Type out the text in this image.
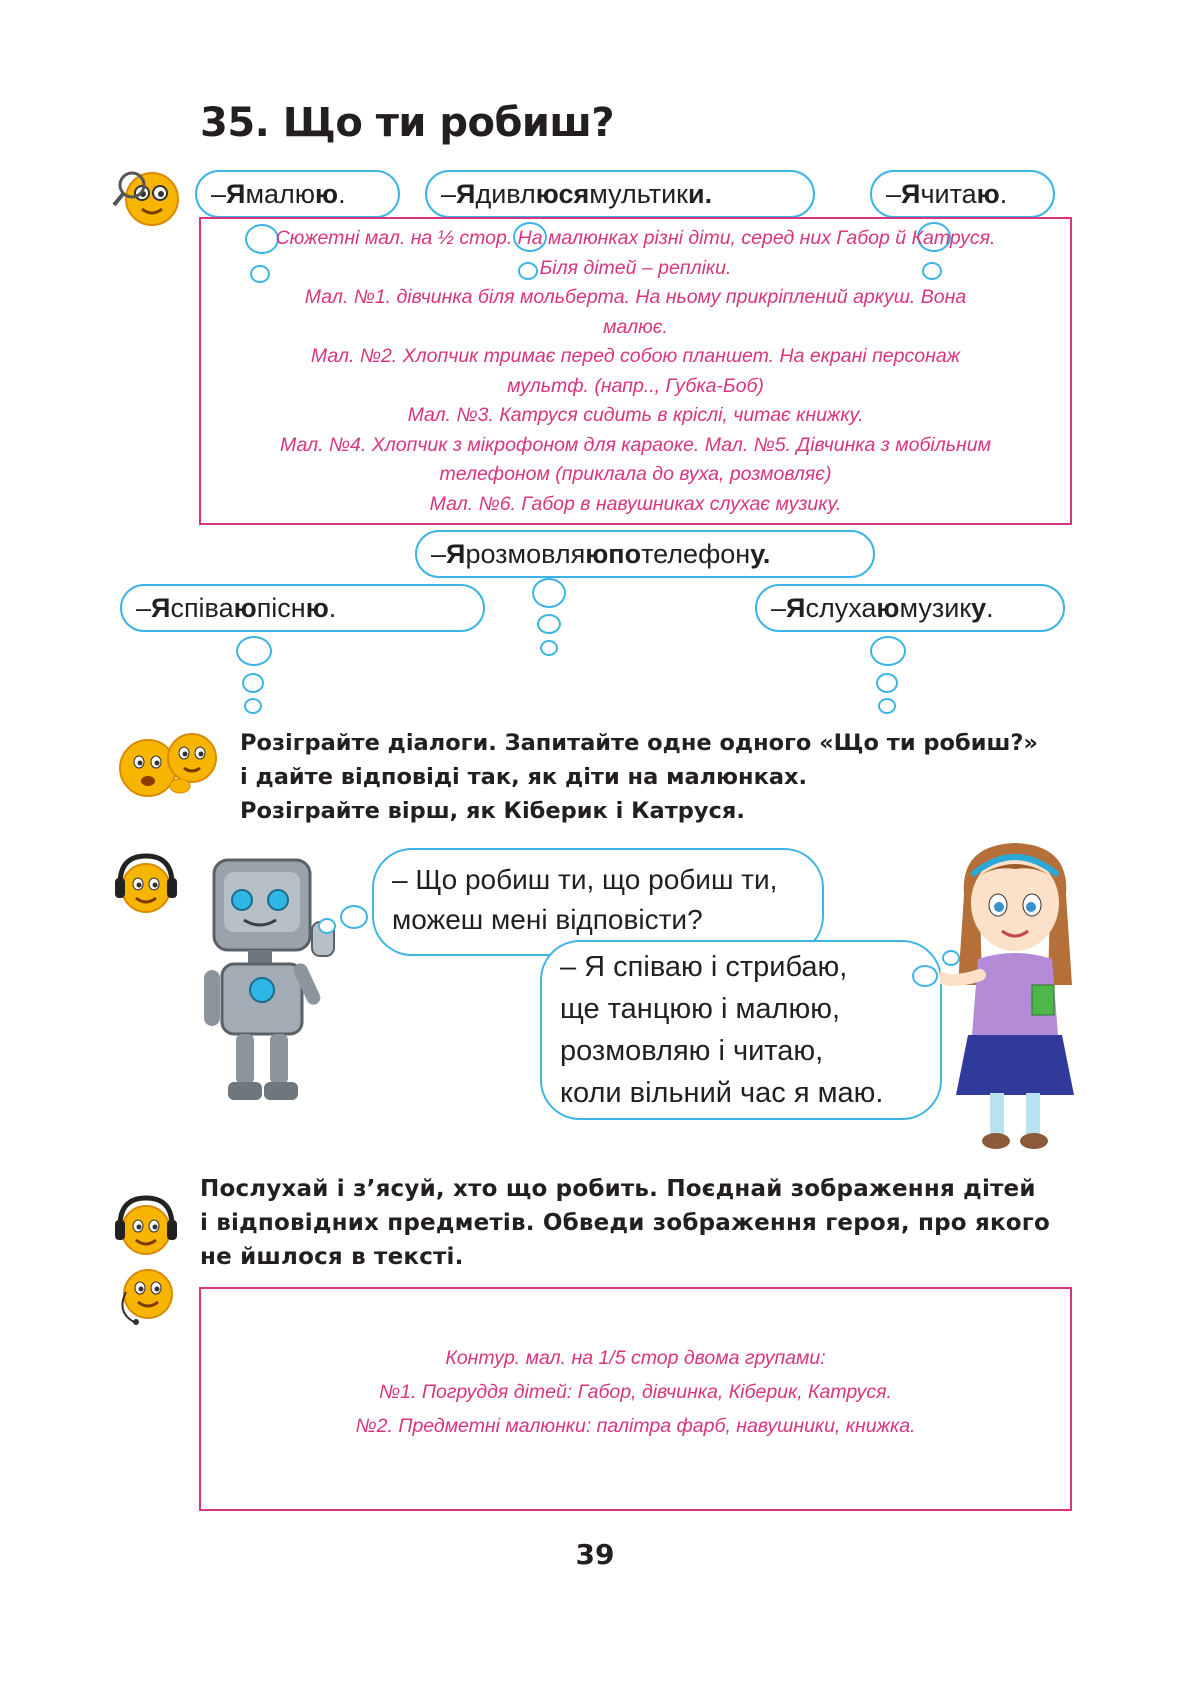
35. Що ти робиш?
– Я малю ю .	– Я дивл юся мультик и.	– Я чита ю .
Сюжетні мал. на ½ стор. На малюнках різні діти, серед них Габор й Катруся.
Біля дітей – репліки.
Мал. №1. дівчинка біля мольберта. На ньому прикріплений аркуш. Вона
малює.
Мал. №2. Хлопчик тримає перед собою планшет. На екрані персонаж
мультф. (напр.., Губка-Боб)
Мал. №3. Катруся сидить в кріслі, читає книжку.
Мал. №4. Хлопчик з мікрофоном для караоке. Мал. №5. Дівчинка з мобільним
телефоном (приклала до вуха, розмовляє)
Мал. №6. Габор в навушниках слухає музику.
– Я розмовля ю по телефон у.
– Я співа ю пісн ю .	– Я слуха ю музик у .
Розіграйте діалоги. Запитайте одне одного «Що ти робиш?»
і дайте відповіді так, як діти на малюнках.
Розіграйте вірш, як Кіберик і Катруся.
– Що робиш ти, що робиш ти,
можеш мені відповісти?
– Я співаю і стрибаю,
ще танцюю і малюю,
розмовляю і читаю,
коли вільний час я маю.
Послухай і з’ясуй, хто що робить. Поєднай зображення дітей
і відповідних предметів. Обведи зображення героя, про якого
не йшлося в тексті.
Контур. мал. на 1/5 стор двома групами:
№1. Погруддя дітей: Габор, дівчинка, Кіберик, Катруся.
№2. Предметні малюнки: палітра фарб, навушники, книжка.
39
